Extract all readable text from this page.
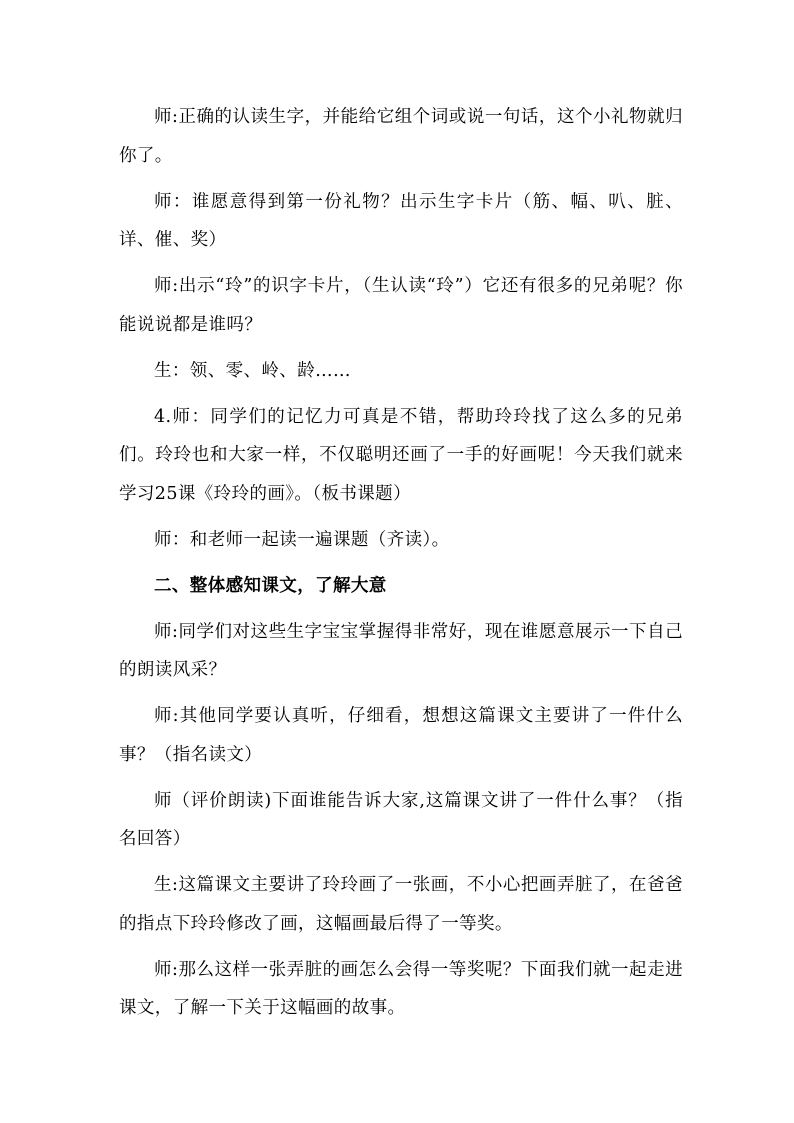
师:正确的认读生字，并能给它组个词或说一句话，这个小礼物就归你了。

师：谁愿意得到第一份礼物？出示生字卡片（筋、幅、叭、脏、详、催、奖）

师:出示“玲”的识字卡片，（生认读“玲”）它还有很多的兄弟呢？你能说说都是谁吗？

生：领、零、岭、龄……

4.师：同学们的记忆力可真是不错，帮助玲玲找了这么多的兄弟们。玲玲也和大家一样，不仅聪明还画了一手的好画呢！今天我们就来学习25课《玲玲的画》。（板书课题）

师：和老师一起读一遍课题（齐读）。

二、整体感知课文，了解大意

师:同学们对这些生字宝宝掌握得非常好，现在谁愿意展示一下自己的朗读风采？

师:其他同学要认真听，仔细看，想想这篇课文主要讲了一件什么事？（指名读文）

师（评价朗读)下面谁能告诉大家,这篇课文讲了一件什么事？（指名回答）

生:这篇课文主要讲了玲玲画了一张画，不小心把画弄脏了，在爸爸的指点下玲玲修改了画，这幅画最后得了一等奖。

师:那么这样一张弄脏的画怎么会得一等奖呢？下面我们就一起走进课文，了解一下关于这幅画的故事。
